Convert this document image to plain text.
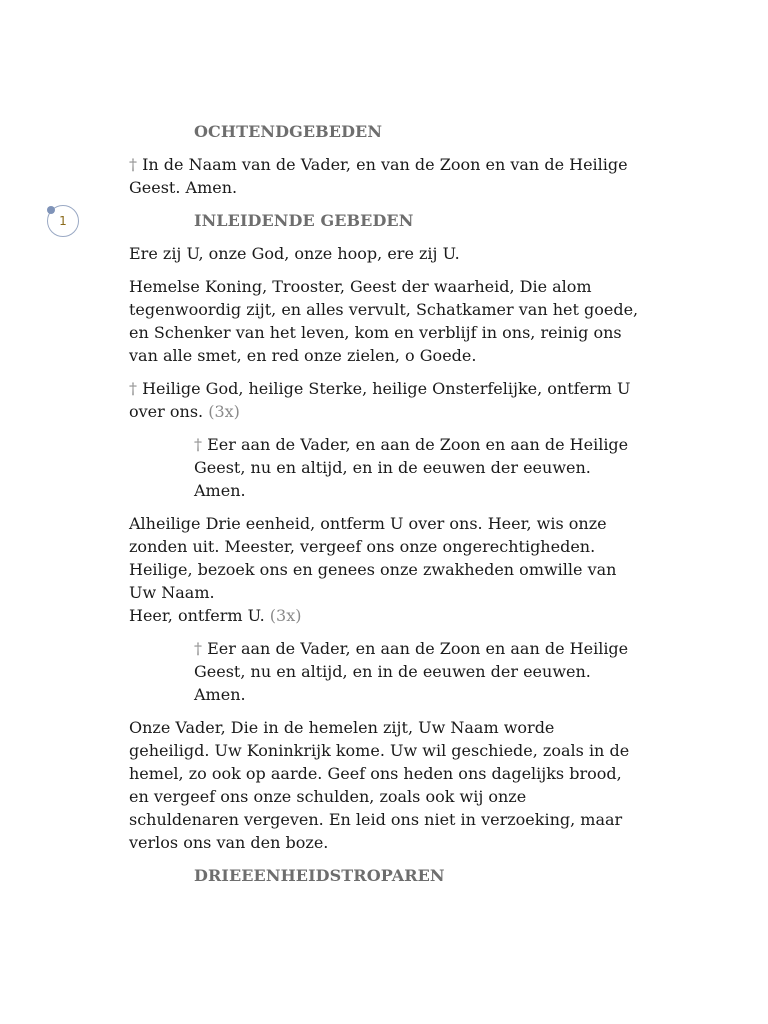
1
OCHTENDGEBEDEN

† In de Naam van de Vader, en van de Zoon en van de Heilige Geest. Amen.

INLEIDENDE GEBEDEN

Ere zij U, onze God, onze hoop, ere zij U.

Hemelse Koning, Trooster, Geest der waarheid, Die alom tegenwoordig zijt, en alles vervult, Schatkamer van het goede, en Schenker van het leven, kom en verblijf in ons, reinig ons van alle smet, en red onze zielen, o Goede.

† Heilige God, heilige Sterke, heilige Onsterfelijke, ontferm U over ons. (3x)

† Eer aan de Vader, en aan de Zoon en aan de Heilige Geest, nu en altijd, en in de eeuwen der eeuwen. Amen.

Alheilige Drie eenheid, ontferm U over ons. Heer, wis onze zonden uit. Meester, vergeef ons onze ongerechtigheden. Heilige, bezoek ons en genees onze zwakheden omwille van Uw Naam.
Heer, ontferm U. (3x)

† Eer aan de Vader, en aan de Zoon en aan de Heilige Geest, nu en altijd, en in de eeuwen der eeuwen. Amen.

Onze Vader, Die in de hemelen zijt, Uw Naam worde geheiligd. Uw Koninkrijk kome. Uw wil geschiede, zoals in de hemel, zo ook op aarde. Geef ons heden ons dagelijks brood, en vergeef ons onze schulden, zoals ook wij onze schuldenaren vergeven. En leid ons niet in verzoeking, maar verlos ons van den boze.

DRIEEENHEIDSTROPAREN
